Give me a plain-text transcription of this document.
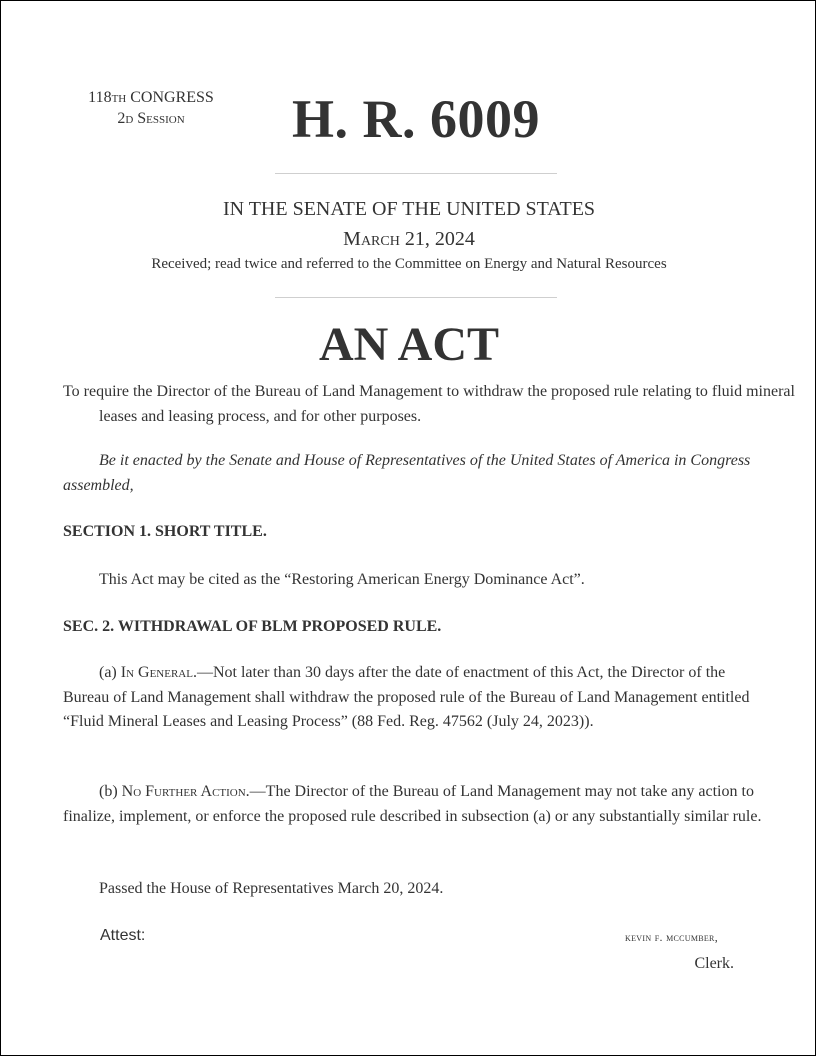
118th CONGRESS
2d Session	H. R. 6009
IN THE SENATE OF THE UNITED STATES
March 21, 2024
Received; read twice and referred to the Committee on Energy and Natural Resources
AN ACT
To require the Director of the Bureau of Land Management to withdraw the proposed rule relating to fluid mineral leases and leasing process, and for other purposes.
Be it enacted by the Senate and House of Representatives of the United States of America in Congress assembled,
SECTION 1. SHORT TITLE.
This Act may be cited as the “Restoring American Energy Dominance Act”.
SEC. 2. WITHDRAWAL OF BLM PROPOSED RULE.
(a) In General.—Not later than 30 days after the date of enactment of this Act, the Director of the Bureau of Land Management shall withdraw the proposed rule of the Bureau of Land Management entitled “Fluid Mineral Leases and Leasing Process” (88 Fed. Reg. 47562 (July 24, 2023)).
(b) No Further Action.—The Director of the Bureau of Land Management may not take any action to finalize, implement, or enforce the proposed rule described in subsection (a) or any substantially similar rule.
Passed the House of Representatives March 20, 2024.
Attest:	kevin f. mccumber,
Clerk.
